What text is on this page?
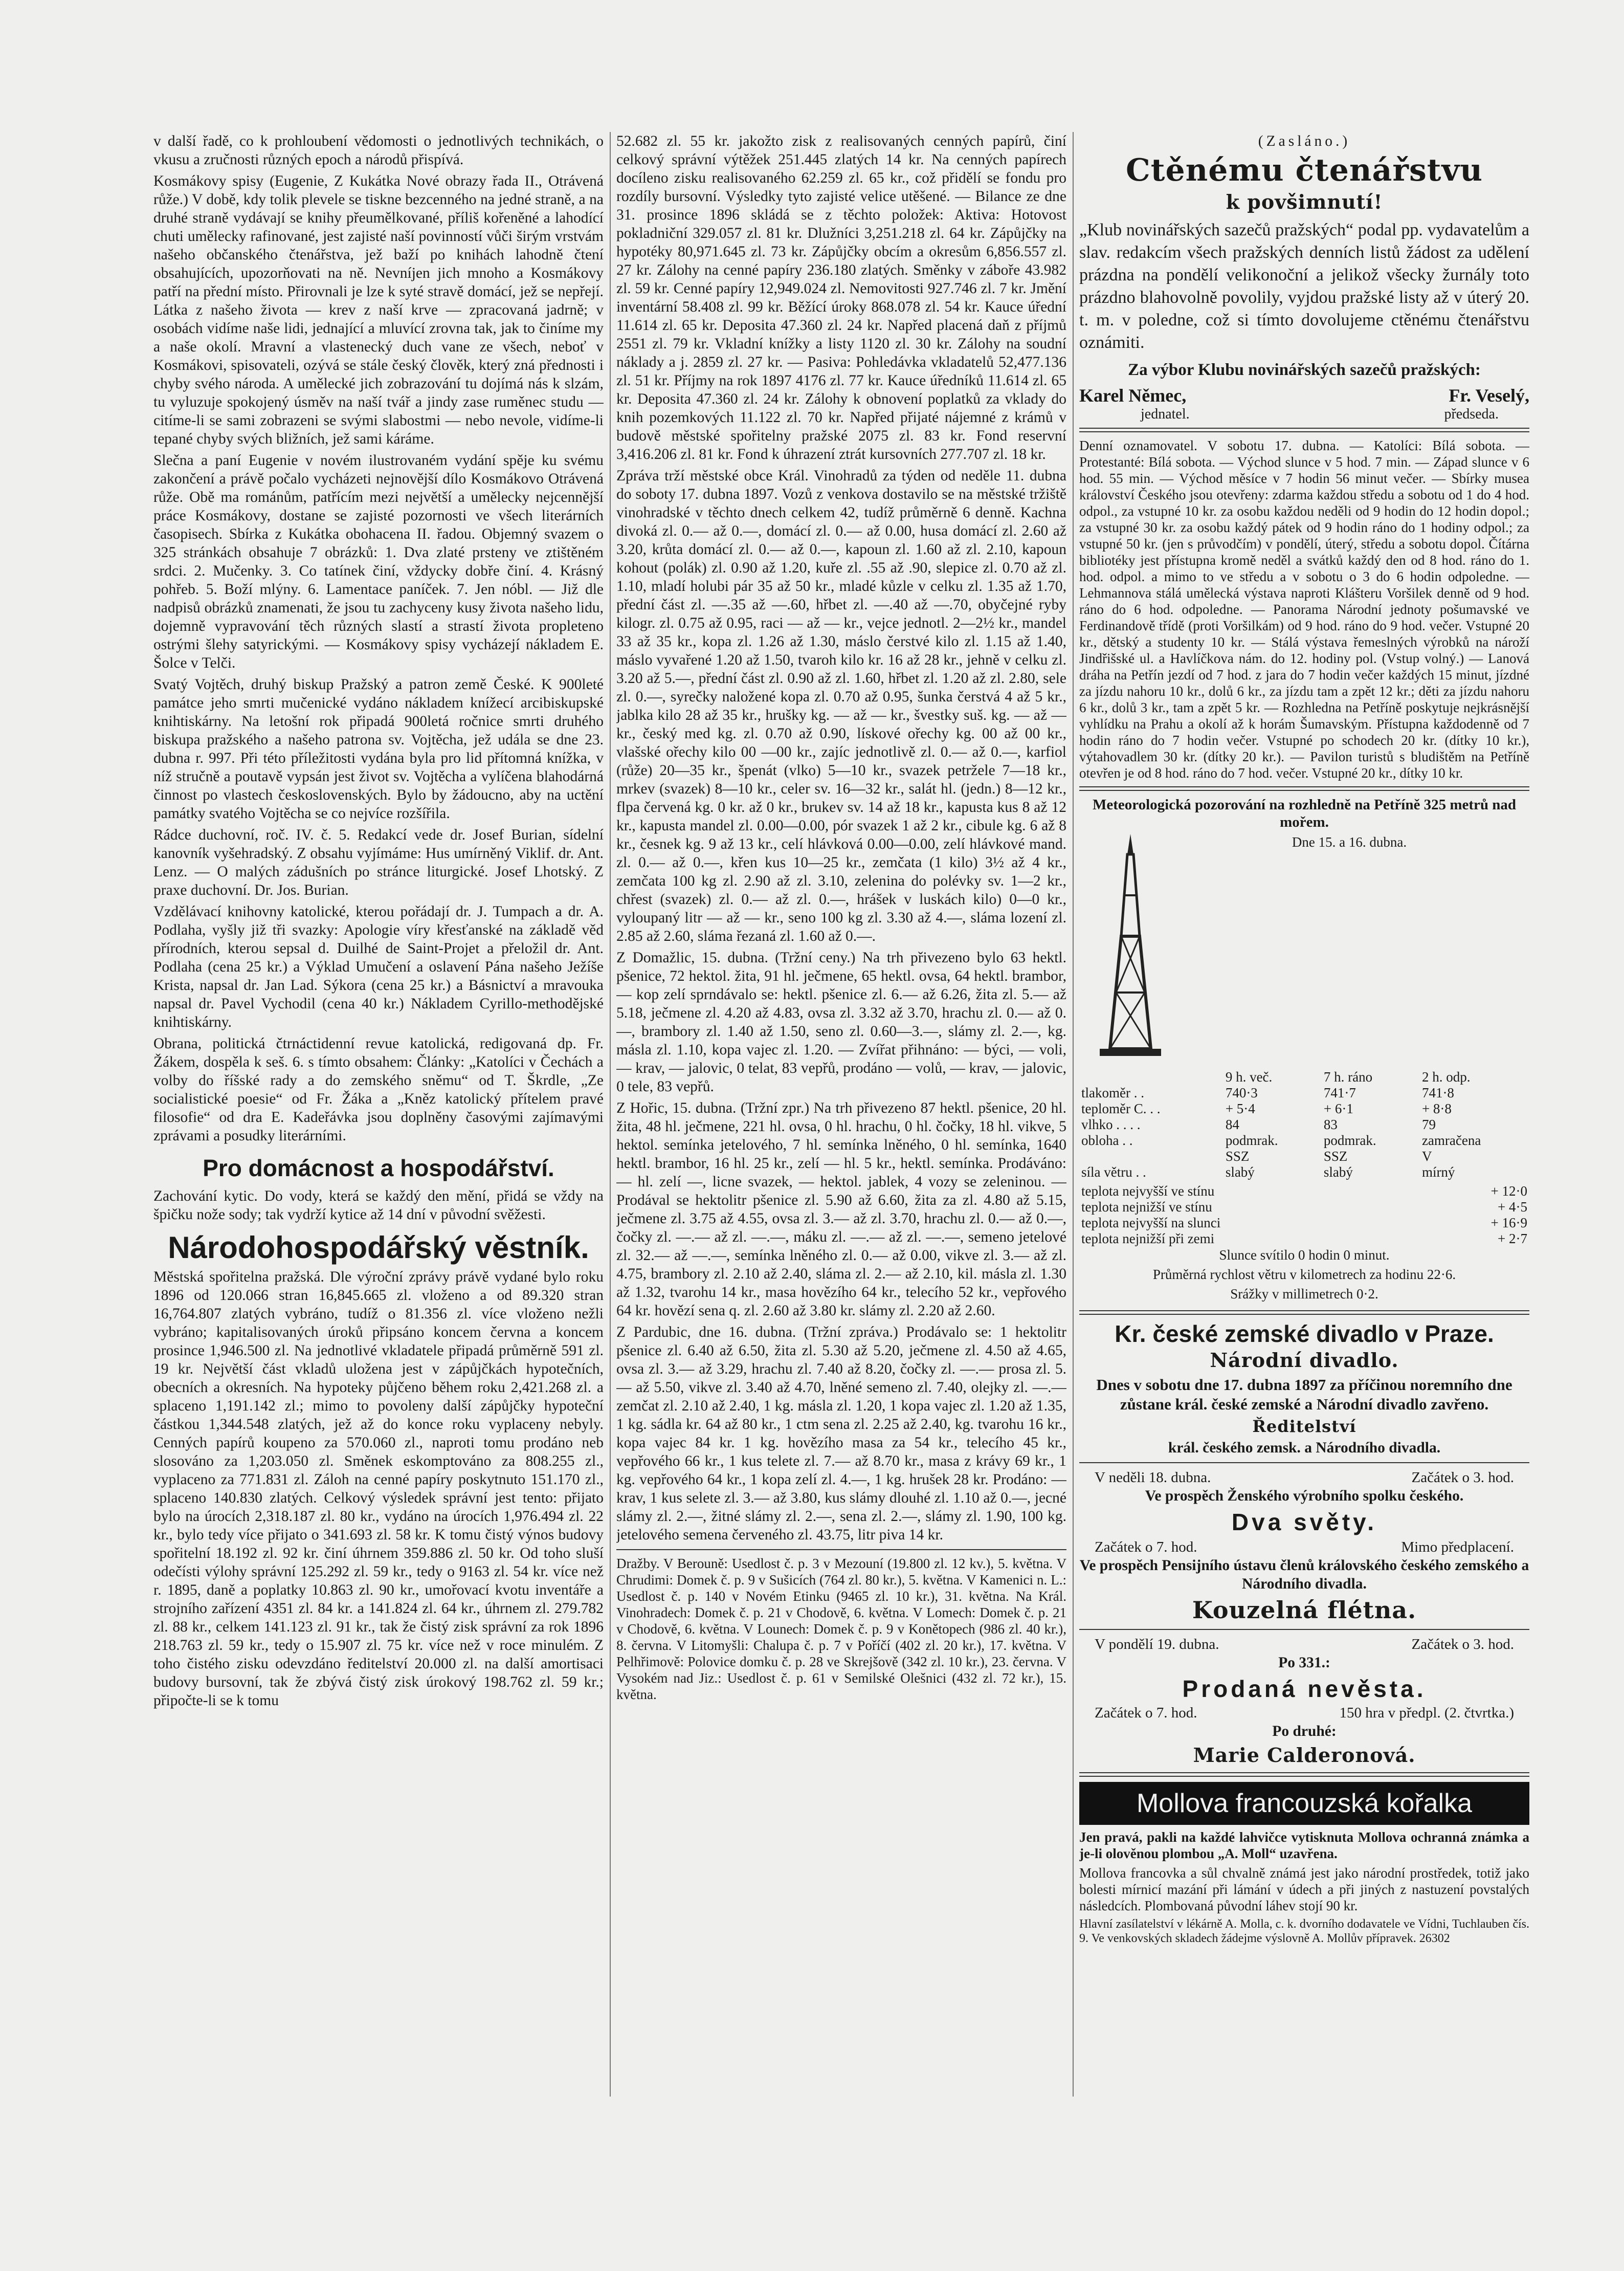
v další řadě, co k prohloubení vědomosti o jednotlivých technikách, o vkusu a zručnosti různých epoch a národů přispívá.

Kosmákovy spisy (Eugenie, Z Kukátka Nové obrazy řada II., Otrávená růže.) V době, kdy tolik plevele se tiskne bezcenného na jedné straně, a na druhé straně vydávají se knihy přeumělkované, příliš kořeněné a lahodící chuti umělecky rafinované, jest zajisté naší povinností vůči širým vrstvám našeho občanského čtenářstva, jež baží po knihách lahodně čtení obsahujících, upozorňovati na ně. Nevníjen jich mnoho a Kosmákovy patří na přední místo. Přirovnali je lze k syté stravě domácí, jež se nepřejí. Látka z našeho života — krev z naší krve — zpracovaná jadrně; v osobách vidíme naše lidi, jednající a mluvící zrovna tak, jak to činíme my a naše okolí. Mravní a vlastenecký duch vane ze všech, neboť v Kosmákovi, spisovateli, ozývá se stále český člověk, který zná přednosti i chyby svého národa. A umělecké jich zobrazování tu dojímá nás k slzám, tu vyluzuje spokojený úsměv na naší tvář a jindy zase ruměnec studu — citíme-li se sami zobrazeni se svými slabostmi — nebo nevole, vidíme-li tepané chyby svých bližních, jež sami káráme.

Slečna a paní Eugenie v novém ilustrovaném vydání spěje ku svému zakončení a právě počalo vycházeti nejnovější dílo Kosmákovo Otrávená růže. Obě ma románům, patřícím mezi největší a umělecky nejcennější práce Kosmákovy, dostane se zajisté pozornosti ve všech literárních časopisech. Sbírka z Kukátka obohacena II. řadou. Objemný svazem o 325 stránkách obsahuje 7 obrázků: 1. Dva zlaté prsteny ve ztištěném srdci. 2. Mučenky. 3. Co tatínek činí, vždycky dobře činí. 4. Krásný pohřeb. 5. Boží mlýny. 6. Lamentace paníček. 7. Jen nóbl. — Již dle nadpisů obrázků znamenati, že jsou tu zachyceny kusy života našeho lidu, dojemně vypravování těch různých slastí a strastí života propleteno ostrými šlehy satyrickými. — Kosmákovy spisy vycházejí nákladem E. Šolce v Telči.

Svatý Vojtěch, druhý biskup Pražský a patron země České. K 900leté památce jeho smrti mučenické vydáno nákladem knížecí arcibiskupské knihtiskárny. Na letošní rok připadá 900letá ročnice smrti druhého biskupa pražského a našeho patrona sv. Vojtěcha, jež udála se dne 23. dubna r. 997. Při této příležitosti vydána byla pro lid přítomná knížka, v níž stručně a poutavě vypsán jest život sv. Vojtěcha a vylíčena blahodárná činnost po vlastech československých. Bylo by žádoucno, aby na uctění památky svatého Vojtěcha se co nejvíce rozšířila.

Rádce duchovní, roč. IV. č. 5. Redakcí vede dr. Josef Burian, sídelní kanovník vyšehradský. Z obsahu vyjímáme: Hus umírněný Viklif. dr. Ant. Lenz. — O malých zádušních po stránce liturgické. Josef Lhotský. Z praxe duchovní. Dr. Jos. Burian.

Vzdělávací knihovny katolické, kterou pořádají dr. J. Tumpach a dr. A. Podlaha, vyšly již tři svazky: Apologie víry křesťanské na základě věd přírodních, kterou sepsal d. Duilhé de Saint-Projet a přeložil dr. Ant. Podlaha (cena 25 kr.) a Výklad Umučení a oslavení Pána našeho Ježíše Krista, napsal dr. Jan Lad. Sýkora (cena 25 kr.) a Básnictví a mravouka napsal dr. Pavel Vychodil (cena 40 kr.) Nákladem Cyrillo-methodějské knihtiskárny.

Obrana, politická čtrnáctidenní revue katolická, redigovaná dp. Fr. Žákem, dospěla k seš. 6. s tímto obsahem: Články: „Katolíci v Čechách a volby do říšské rady a do zemského sněmu“ od T. Škrdle, „Ze socialistické poesie“ od Fr. Žáka a „Kněz katolický přítelem pravé filosofie“ od dra E. Kadeřávka jsou doplněny časovými zajímavými zprávami a posudky literárními.

Pro domácnost a hospodářství.

Zachování kytic. Do vody, která se každý den mění, přidá se vždy na špičku nože sody; tak vydrží kytice až 14 dní v původní svěžesti.

Národohospodářský věstník.

Městská spořitelna pražská. Dle výroční zprávy právě vydané bylo roku 1896 od 120.066 stran 16,845.665 zl. vloženo a od 89.320 stran 16,764.807 zlatých vybráno, tudíž o 81.356 zl. více vloženo nežli vybráno; kapitalisovaných úroků připsáno koncem června a koncem prosince 1,946.500 zl. Na jednotlivé vkladatele připadá průměrně 591 zl. 19 kr. Největší část vkladů uložena jest v zápůjčkách hypotečních, obecních a okresních. Na hypoteky půjčeno během roku 2,421.268 zl. a splaceno 1,191.142 zl.; mimo to povoleny další zápůjčky hypoteční částkou 1,344.548 zlatých, jež až do konce roku vyplaceny nebyly. Cenných papírů koupeno za 570.060 zl., naproti tomu prodáno neb slosováno za 1,203.050 zl. Směnek eskomptováno za 808.255 zl., vyplaceno za 771.831 zl. Záloh na cenné papíry poskytnuto 151.170 zl., splaceno 140.830 zlatých. Celkový výsledek správní jest tento: přijato bylo na úrocích 2,318.187 zl. 80 kr., vydáno na úrocích 1,976.494 zl. 22 kr., bylo tedy více přijato o 341.693 zl. 58 kr. K tomu čistý výnos budovy spořitelní 18.192 zl. 92 kr. činí úhrnem 359.886 zl. 50 kr. Od toho sluší odečísti výlohy správní 125.292 zl. 59 kr., tedy o 9163 zl. 54 kr. více než r. 1895, daně a poplatky 10.863 zl. 90 kr., umořovací kvotu inventáře a strojního zařízení 4351 zl. 84 kr. a 141.824 zl. 64 kr., úhrnem zl. 279.782 zl. 88 kr., celkem 141.123 zl. 91 kr., tak že čistý zisk správní za rok 1896 218.763 zl. 59 kr., tedy o 15.907 zl. 75 kr. více než v roce minulém. Z toho čistého zisku odevzdáno ředitelství 20.000 zl. na další amortisaci budovy bursovní, tak že zbývá čistý zisk úrokový 198.762 zl. 59 kr.; připočte-li se k tomu

52.682 zl. 55 kr. jakožto zisk z realisovaných cenných papírů, činí celkový správní výtěžek 251.445 zlatých 14 kr. Na cenných papírech docíleno zisku realisovaného 62.259 zl. 65 kr., což přidělí se fondu pro rozdíly bursovní. Výsledky tyto zajisté velice utěšené. — Bilance ze dne 31. prosince 1896 skládá se z těchto položek: Aktiva: Hotovost pokladniční 329.057 zl. 81 kr. Dlužníci 3,251.218 zl. 64 kr. Zápůjčky na hypotéky 80,971.645 zl. 73 kr. Zápůjčky obcím a okresům 6,856.557 zl. 27 kr. Zálohy na cenné papíry 236.180 zlatých. Směnky v záboře 43.982 zl. 59 kr. Cenné papíry 12,949.024 zl. Nemovitosti 927.746 zl. 7 kr. Jmění inventární 58.408 zl. 99 kr. Běžící úroky 868.078 zl. 54 kr. Kauce úřední 11.614 zl. 65 kr. Deposita 47.360 zl. 24 kr. Napřed placená daň z příjmů 2551 zl. 79 kr. Vkladní knížky a listy 1120 zl. 30 kr. Zálohy na soudní náklady a j. 2859 zl. 27 kr. — Pasiva: Pohledávka vkladatelů 52,477.136 zl. 51 kr. Příjmy na rok 1897 4176 zl. 77 kr. Kauce úředníků 11.614 zl. 65 kr. Deposita 47.360 zl. 24 kr. Zálohy k obnovení poplatků za vklady do knih pozemkových 11.122 zl. 70 kr. Napřed přijaté nájemné z krámů v budově městské spořitelny pražské 2075 zl. 83 kr. Fond reservní 3,416.206 zl. 81 kr. Fond k úhrazení ztrát kursovních 277.707 zl. 18 kr.

Zpráva trží městské obce Král. Vinohradů za týden od neděle 11. dubna do soboty 17. dubna 1897. Vozů z venkova dostavilo se na městské tržiště vinohradské v těchto dnech celkem 42, tudíž průměrně 6 denně. Kachna divoká zl. 0.— až 0.—, domácí zl. 0.— až 0.00, husa domácí zl. 2.60 až 3.20, krůta domácí zl. 0.— až 0.—, kapoun zl. 1.60 až zl. 2.10, kapoun kohout (polák) zl. 0.90 až 1.20, kuře zl. .55 až .90, slepice zl. 0.70 až zl. 1.10, mladí holubi pár 35 až 50 kr., mladé kůzle v celku zl. 1.35 až 1.70, přední část zl. —.35 až —.60, hřbet zl. —.40 až —.70, obyčejné ryby kilogr. zl. 0.75 až 0.95, raci — až — kr., vejce jednotl. 2—2½ kr., mandel 33 až 35 kr., kopa zl. 1.26 až 1.30, máslo čerstvé kilo zl. 1.15 až 1.40, máslo vyvařené 1.20 až 1.50, tvaroh kilo kr. 16 až 28 kr., jehně v celku zl. 3.20 až 5.—, přední část zl. 0.90 až zl. 1.60, hřbet zl. 1.20 až zl. 2.80, sele zl. 0.—, syrečky naložené kopa zl. 0.70 až 0.95, šunka čerstvá 4 až 5 kr., jablka kilo 28 až 35 kr., hrušky kg. — až — kr., švestky suš. kg. — až — kr., český med kg. zl. 0.70 až 0.90, lískové ořechy kg. 00 až 00 kr., vlašské ořechy kilo 00 —00 kr., zajíc jednotlivě zl. 0.— až 0.—, karfiol (růže) 20—35 kr., špenát (vlko) 5—10 kr., svazek petržele 7—18 kr., mrkev (svazek) 8—10 kr., celer sv. 16—32 kr., salát hl. (jedn.) 8—12 kr., flpa červená kg. 0 kr. až 0 kr., brukev sv. 14 až 18 kr., kapusta kus 8 až 12 kr., kapusta mandel zl. 0.00—0.00, pór svazek 1 až 2 kr., cibule kg. 6 až 8 kr., česnek kg. 9 až 13 kr., celí hlávková 0.00—0.00, zelí hlávkové mand. zl. 0.— až 0.—, křen kus 10—25 kr., zemčata (1 kilo) 3½ až 4 kr., zemčata 100 kg zl. 2.90 až zl. 3.10, zelenina do polévky sv. 1—2 kr., chřest (svazek) zl. 0.— až zl. 0.—, hrášek v luskách kilo) 0—0 kr., vyloupaný litr — až — kr., seno 100 kg zl. 3.30 až 4.—, sláma lození zl. 2.85 až 2.60, sláma řezaná zl. 1.60 až 0.—.

Z Domažlic, 15. dubna. (Tržní ceny.) Na trh přivezeno bylo 63 hektl. pšenice, 72 hektol. žita, 91 hl. ječmene, 65 hektl. ovsa, 64 hektl. brambor, — kop zelí sprndávalo se: hektl. pšenice zl. 6.— až 6.26, žita zl. 5.— až 5.18, ječmene zl. 4.20 až 4.83, ovsa zl. 3.32 až 3.70, hrachu zl. 0.— až 0.—, brambory zl. 1.40 až 1.50, seno zl. 0.60—3.—, slámy zl. 2.—, kg. másla zl. 1.10, kopa vajec zl. 1.20. — Zvířat přihnáno: — býci, — voli, — krav, — jalovic, 0 telat, 83 vepřů, prodáno — volů, — krav, — jalovic, 0 tele, 83 vepřů.

Z Hořic, 15. dubna. (Tržní zpr.) Na trh přivezeno 87 hektl. pšenice, 20 hl. žita, 48 hl. ječmene, 221 hl. ovsa, 0 hl. hrachu, 0 hl. čočky, 18 hl. vikve, 5 hektol. semínka jetelového, 7 hl. semínka lněného, 0 hl. semínka, 1640 hektl. brambor, 16 hl. 25 kr., zelí — hl. 5 kr., hektl. semínka. Prodáváno: — hl. zelí —, licne svazek, — hektol. jablek, 4 vozy se zeleninou. — Prodával se hektolitr pšenice zl. 5.90 až 6.60, žita za zl. 4.80 až 5.15, ječmene zl. 3.75 až 4.55, ovsa zl. 3.— až zl. 3.70, hrachu zl. 0.— až 0.—, čočky zl. —.— až zl. —.—, máku zl. —.— až zl. —.—, semeno jetelové zl. 32.— až —.—, semínka lněného zl. 0.— až 0.00, vikve zl. 3.— až zl. 4.75, brambory zl. 2.10 až 2.40, sláma zl. 2.— až 2.10, kil. másla zl. 1.30 až 1.32, tvarohu 14 kr., masa hovězího 64 kr., telecího 52 kr., vepřového 64 kr. hovězí sena q. zl. 2.60 až 3.80 kr. slámy zl. 2.20 až 2.60.

Z Pardubic, dne 16. dubna. (Tržní zpráva.) Prodávalo se: 1 hektolitr pšenice zl. 6.40 až 6.50, žita zl. 5.30 až 5.20, ječmene zl. 4.50 až 4.65, ovsa zl. 3.— až 3.29, hrachu zl. 7.40 až 8.20, čočky zl. —.— prosa zl. 5.— až 5.50, vikve zl. 3.40 až 4.70, lněné semeno zl. 7.40, olejky zl. —.— zemčat zl. 2.10 až 2.40, 1 kg. másla zl. 1.20, 1 kopa vajec zl. 1.20 až 1.35, 1 kg. sádla kr. 64 až 80 kr., 1 ctm sena zl. 2.25 až 2.40, kg. tvarohu 16 kr., kopa vajec 84 kr. 1 kg. hovězího masa za 54 kr., telecího 45 kr., vepřového 66 kr., 1 kus telete zl. 7.— až 8.70 kr., masa z krávy 69 kr., 1 kg. vepřového 64 kr., 1 kopa zelí zl. 4.—, 1 kg. hrušek 28 kr. Prodáno: — krav, 1 kus selete zl. 3.— až 3.80, kus slámy dlouhé zl. 1.10 až 0.—, jecné slámy zl. 2.—, žitné slámy zl. 2.—, sena zl. 2.—, slámy zl. 1.90, 100 kg. jetelového semena červeného zl. 43.75, litr piva 14 kr.

Dražby. V Berouně: Usedlost č. p. 3 v Mezouní (19.800 zl. 12 kv.), 5. května. V Chrudimi: Domek č. p. 9 v Sušicích (764 zl. 80 kr.), 5. května. V Kamenici n. L.: Usedlost č. p. 140 v Novém Etinku (9465 zl. 10 kr.), 31. května. Na Král. Vinohradech: Domek č. p. 21 v Chodově, 6. května. V Lomech: Domek č. p. 21 v Chodově, 6. května. V Lounech: Domek č. p. 9 v Konětopech (986 zl. 40 kr.), 8. června. V Litomyšli: Chalupa č. p. 7 v Poříčí (402 zl. 20 kr.), 17. května. V Pelhřimově: Polovice domku č. p. 28 ve Skrejšově (342 zl. 10 kr.), 23. června. V Vysokém nad Jiz.: Usedlost č. p. 61 v Semilské Olešnici (432 zl. 72 kr.), 15. května.

(Zasláno.)

Ctěnému čtenářstvu
k povšimnutí!

„Klub novinářských sazečů pražských“ podal pp. vydavatelům a slav. redakcím všech pražských denních listů žádost za udělení prázdna na pondělí velikonoční a jelikož všecky žurnály toto prázdno blahovolně povolily, vyjdou pražské listy až v úterý 20. t. m. v poledne, což si tímto dovolujeme ctěnému čtenářstvu oznámiti.

Za výbor Klubu novinářských sazečů pražských:

Karel Němec,	Fr. Veselý,
jednatel.	předseda.

Denní oznamovatel. V sobotu 17. dubna. — Katolíci: Bílá sobota. — Protestanté: Bílá sobota. — Východ slunce v 5 hod. 7 min. — Západ slunce v 6 hod. 55 min. — Východ měsíce v 7 hodin 56 minut večer. — Sbírky musea království Českého jsou otevřeny: zdarma každou středu a sobotu od 1 do 4 hod. odpol., za vstupné 10 kr. za osobu každou neděli od 9 hodin do 12 hodin dopol.; za vstupné 30 kr. za osobu každý pátek od 9 hodin ráno do 1 hodiny odpol.; za vstupné 50 kr. (jen s průvodčím) v pondělí, úterý, středu a sobotu dopol. Čítárna bibliotéky jest přístupna kromě neděl a svátků každý den od 8 hod. ráno do 1. hod. odpol. a mimo to ve středu a v sobotu o 3 do 6 hodin odpoledne. — Lehmannova stálá umělecká výstava naproti Klášteru Voršilek denně od 9 hod. ráno do 6 hod. odpoledne. — Panorama Národní jednoty pošumavské ve Ferdinandově třídě (proti Voršilkám) od 9 hod. ráno do 9 hod. večer. Vstupné 20 kr., dětský a studenty 10 kr. — Stálá výstava řemeslných výrobků na nároží Jindřišské ul. a Havlíčkova nám. do 12. hodiny pol. (Vstup volný.) — Lanová dráha na Petřín jezdí od 7 hod. z jara do 7 hodin večer každých 15 minut, jízdné za jízdu nahoru 10 kr., dolů 6 kr., za jízdu tam a zpět 12 kr.; děti za jízdu nahoru 6 kr., dolů 3 kr., tam a zpět 5 kr. — Rozhledna na Petříně poskytuje nejkrásnější vyhlídku na Prahu a okolí až k horám Šumavským. Přístupna každodenně od 7 hodin ráno do 7 hodin večer. Vstupné po schodech 20 kr. (dítky 10 kr.), výtahovadlem 30 kr. (dítky 20 kr.). — Pavilon turistů s bludištěm na Petříně otevřen je od 8 hod. ráno do 7 hod. večer. Vstupné 20 kr., dítky 10 kr.

Meteorologická pozorování na rozhledně na Petříně 325 metrů nad mořem.

Dne 15. a 16. dubna.

	9 h. več.	7 h. ráno	2 h. odp.
tlakoměr . .	740·3	741·7	741·8
teploměr C. . .	+ 5·4	+ 6·1	+ 8·8
vlhko . . . .	84	83	79
obloha . .	podmrak.	podmrak.	zamračena
	SSZ	SSZ	V
síla větru . .	slabý	slabý	mírný
teplota nejvyšší ve stínu	+ 12·0
teplota nejnižší ve stínu	+ 4·5
teplota nejvyšší na slunci	+ 16·9
teplota nejnižší při zemi	+ 2·7

Slunce svítilo 0 hodin 0 minut.

Průměrná rychlost větru v kilometrech za hodinu 22·6.

Srážky v millimetrech 0·2.

Kr. české zemské divadlo v Praze.
Národní divadlo.

Dnes v sobotu dne 17. dubna 1897 za příčinou noremního dne zůstane král. české zemské a Národní divadlo zavřeno.

Ředitelství

král. českého zemsk. a Národního divadla.

V neděli 18. dubna.	Začátek o 3. hod.

Ve prospěch Ženského výrobního spolku českého.

Dva světy.
Začátek o 7. hod.	Mimo předplacení.

Ve prospěch Pensijního ústavu členů královského českého zemského a Národního divadla.

Kouzelná flétna.
V pondělí 19. dubna.	Začátek o 3. hod.

Po 331.:

Prodaná nevěsta.
Začátek o 7. hod.	150 hra v předpl. (2. čtvrtka.)

Po druhé:

Marie Calderonová.
Mollova francouzská kořalka

Jen pravá, pakli na každé lahvičce vytisknuta Mollova ochranná známka a je-li olověnou plombou „A. Moll“ uzavřena.

Mollova francovka a sůl chvalně známá jest jako národní prostředek, totiž jako bolesti mírnicí mazání při lámání v údech a při jiných z nastuzení povstalých následcích. Plombovaná původní láhev stojí 90 kr.

Hlavní zasílatelství v lékárně A. Molla, c. k. dvorního dodavatele ve Vídni, Tuchlauben čís. 9. Ve venkovských skladech žádejme výslovně A. Mollův přípravek. 26302
